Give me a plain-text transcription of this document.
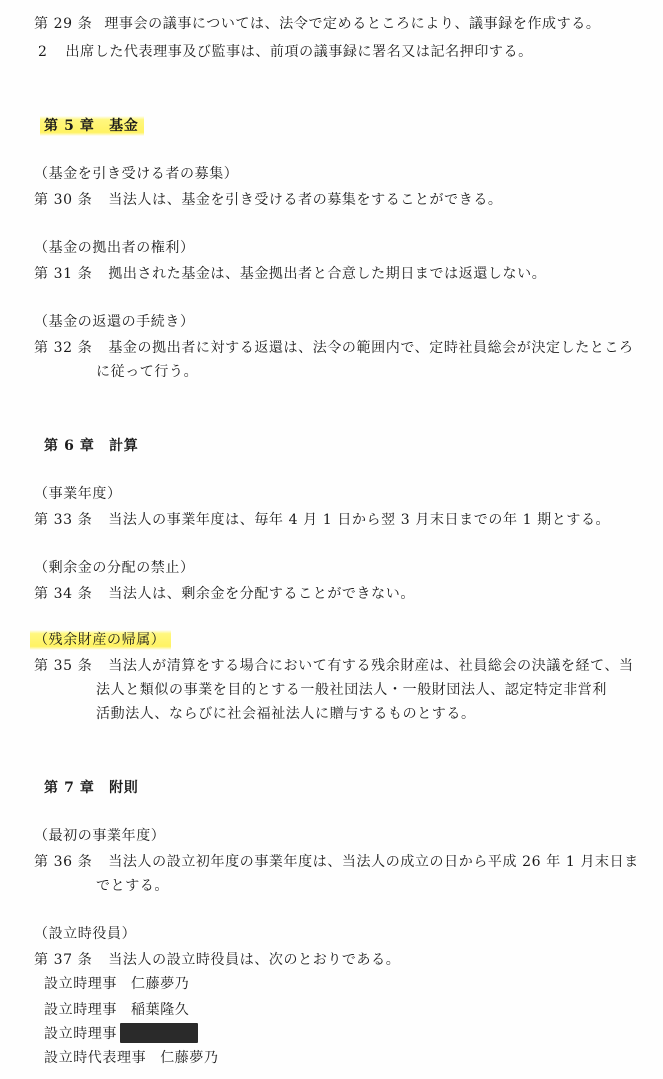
第 29 条 理事会の議事については、法令で定めるところにより、議事録を作成する。
2 出席した代表理事及び監事は、前項の議事録に署名又は記名押印する。
第 5 章　基金
（基金を引き受ける者の募集）
第 30 条 当法人は、基金を引き受ける者の募集をすることができる。
（基金の拠出者の権利）
第 31 条 拠出された基金は、基金拠出者と合意した期日までは返還しない。
（基金の返還の手続き）
第 32 条 基金の拠出者に対する返還は、法令の範囲内で、定時社員総会が決定したところ
に従って行う。
第 6 章　計算
（事業年度）
第 33 条 当法人の事業年度は、毎年 4 月 1 日から翌 3 月末日までの年 1 期とする。
（剰余金の分配の禁止）
第 34 条 当法人は、剰余金を分配することができない。
（残余財産の帰属）
第 35 条 当法人が清算をする場合において有する残余財産は、社員総会の決議を経て、当
法人と類似の事業を目的とする一般社団法人・一般財団法人、認定特定非営利
活動法人、ならびに社会福祉法人に贈与するものとする。
第 7 章　附則
（最初の事業年度）
第 36 条 当法人の設立初年度の事業年度は、当法人の成立の日から平成 26 年 1 月末日ま
でとする。
（設立時役員）
第 37 条 当法人の設立時役員は、次のとおりである。
設立時理事 仁藤夢乃
設立時理事 稲葉隆久
設立時理事
設立時代表理事 仁藤夢乃
